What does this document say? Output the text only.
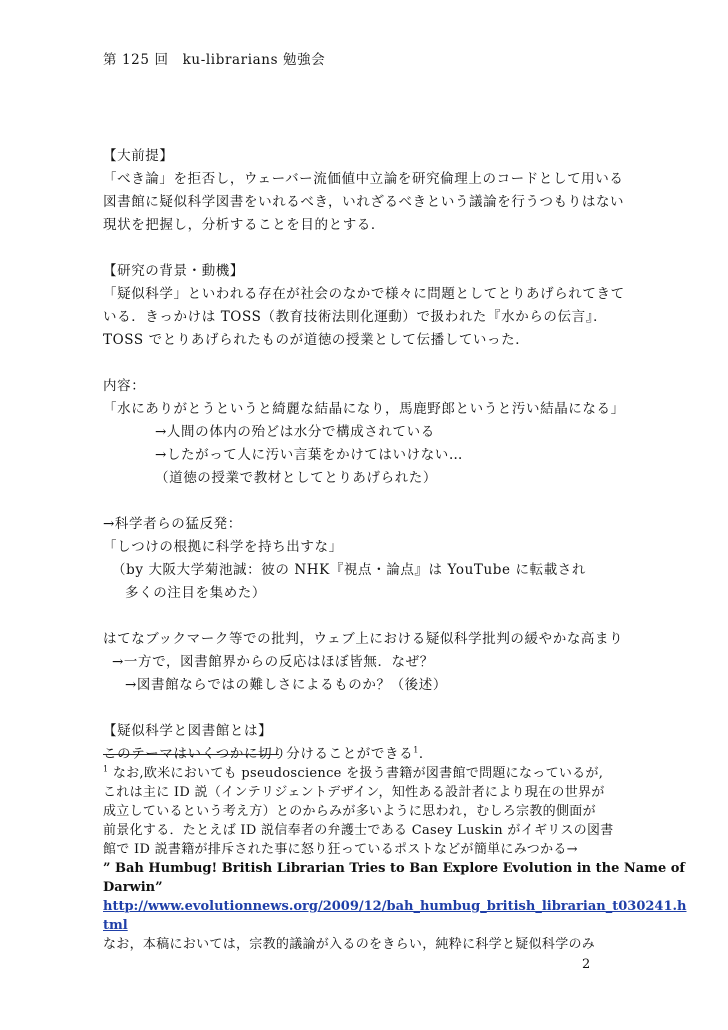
第 125 回　ku-librarians 勉強会
【大前提】
「べき論」を拒否し，ウェーバー流価値中立論を研究倫理上のコードとして用いる
図書館に疑似科学図書をいれるべき，いれざるべきという議論を行うつもりはない
現状を把握し，分析することを目的とする．
【研究の背景・動機】
「疑似科学」といわれる存在が社会のなかで様々に問題としてとりあげられてきて
いる．きっかけは TOSS（教育技術法則化運動）で扱われた『水からの伝言』．
TOSS でとりあげられたものが道徳の授業として伝播していった．
内容：
「水にありがとうというと綺麗な結晶になり，馬鹿野郎というと汚い結晶になる」
→人間の体内の殆どは水分で構成されている
→したがって人に汚い言葉をかけてはいけない…
（道徳の授業で教材としてとりあげられた）
→科学者らの猛反発：
「しつけの根拠に科学を持ち出すな」
（by 大阪大学菊池誠：彼の NHK『視点・論点』は YouTube に転載され
多くの注目を集めた）
はてなブックマーク等での批判，ウェブ上における疑似科学批判の緩やかな高まり
→一方で，図書館界からの反応はほぼ皆無．なぜ？
→図書館ならではの難しさによるものか？（後述）
【疑似科学と図書館とは】
このテーマはいくつかに切り分けることができる$^1$．
$^1$ なお,欧米においても pseudoscience を扱う書籍が図書館で問題になっているが,
これは主に ID 説（インテリジェントデザイン，知性ある設計者により現在の世界が
成立しているという考え方）とのからみが多いように思われ，むしろ宗教的側面が
前景化する．たとえば ID 説信奉者の弁護士である Casey Luskin がイギリスの図書
館で ID 説書籍が排斥された事に怒り狂っているポストなどが簡単にみつかる→
” Bah Humbug! British Librarian Tries to Ban Explore Evolution in the Name of
Darwin”
http://www.evolutionnews.org/2009/12/bah_humbug_british_librarian_t030241.h
tml
なお，本稿においては，宗教的議論が入るのをきらい，純粋に科学と疑似科学のみ
2
